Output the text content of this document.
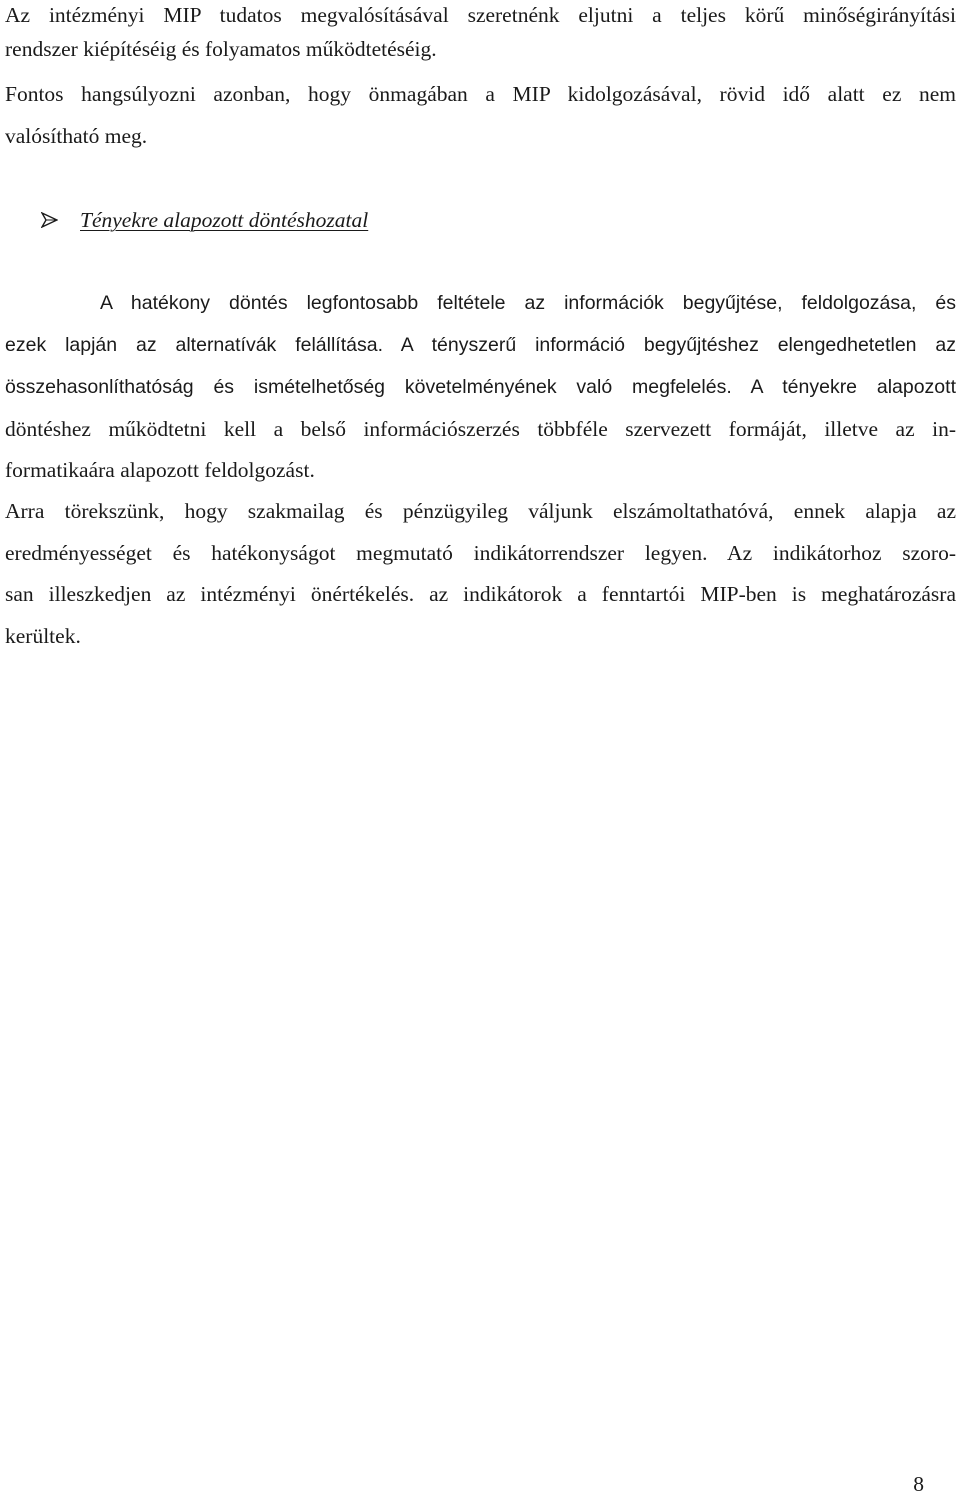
Az intézményi MIP tudatos megvalósításával szeretnénk eljutni a teljes körű minőségirányítási
rendszer kiépítéséig és folyamatos működtetéséig.
Fontos hangsúlyozni azonban, hogy önmagában a MIP kidolgozásával, rövid idő alatt ez nem
valósítható meg.
Tényekre alapozott döntéshozatal
A hatékony döntés legfontosabb feltétele az információk begyűjtése, feldolgozása, és
ezek lapján az alternatívák felállítása. A tényszerű információ begyűjtéshez elengedhetetlen az
összehasonlíthatóság és ismételhetőség követelményének való megfelelés. A tényekre alapozott
döntéshez működtetni kell a belső információszerzés többféle szervezett formáját, illetve az in-
formatikaára alapozott feldolgozást.
Arra törekszünk, hogy szakmailag és pénzügyileg váljunk elszámoltathatóvá, ennek alapja az
eredményességet és hatékonyságot megmutató indikátorrendszer legyen. Az indikátorhoz szoro-
san illeszkedjen az intézményi önértékelés. az indikátorok a fenntartói MIP-ben is meghatározásra
kerültek.
8
